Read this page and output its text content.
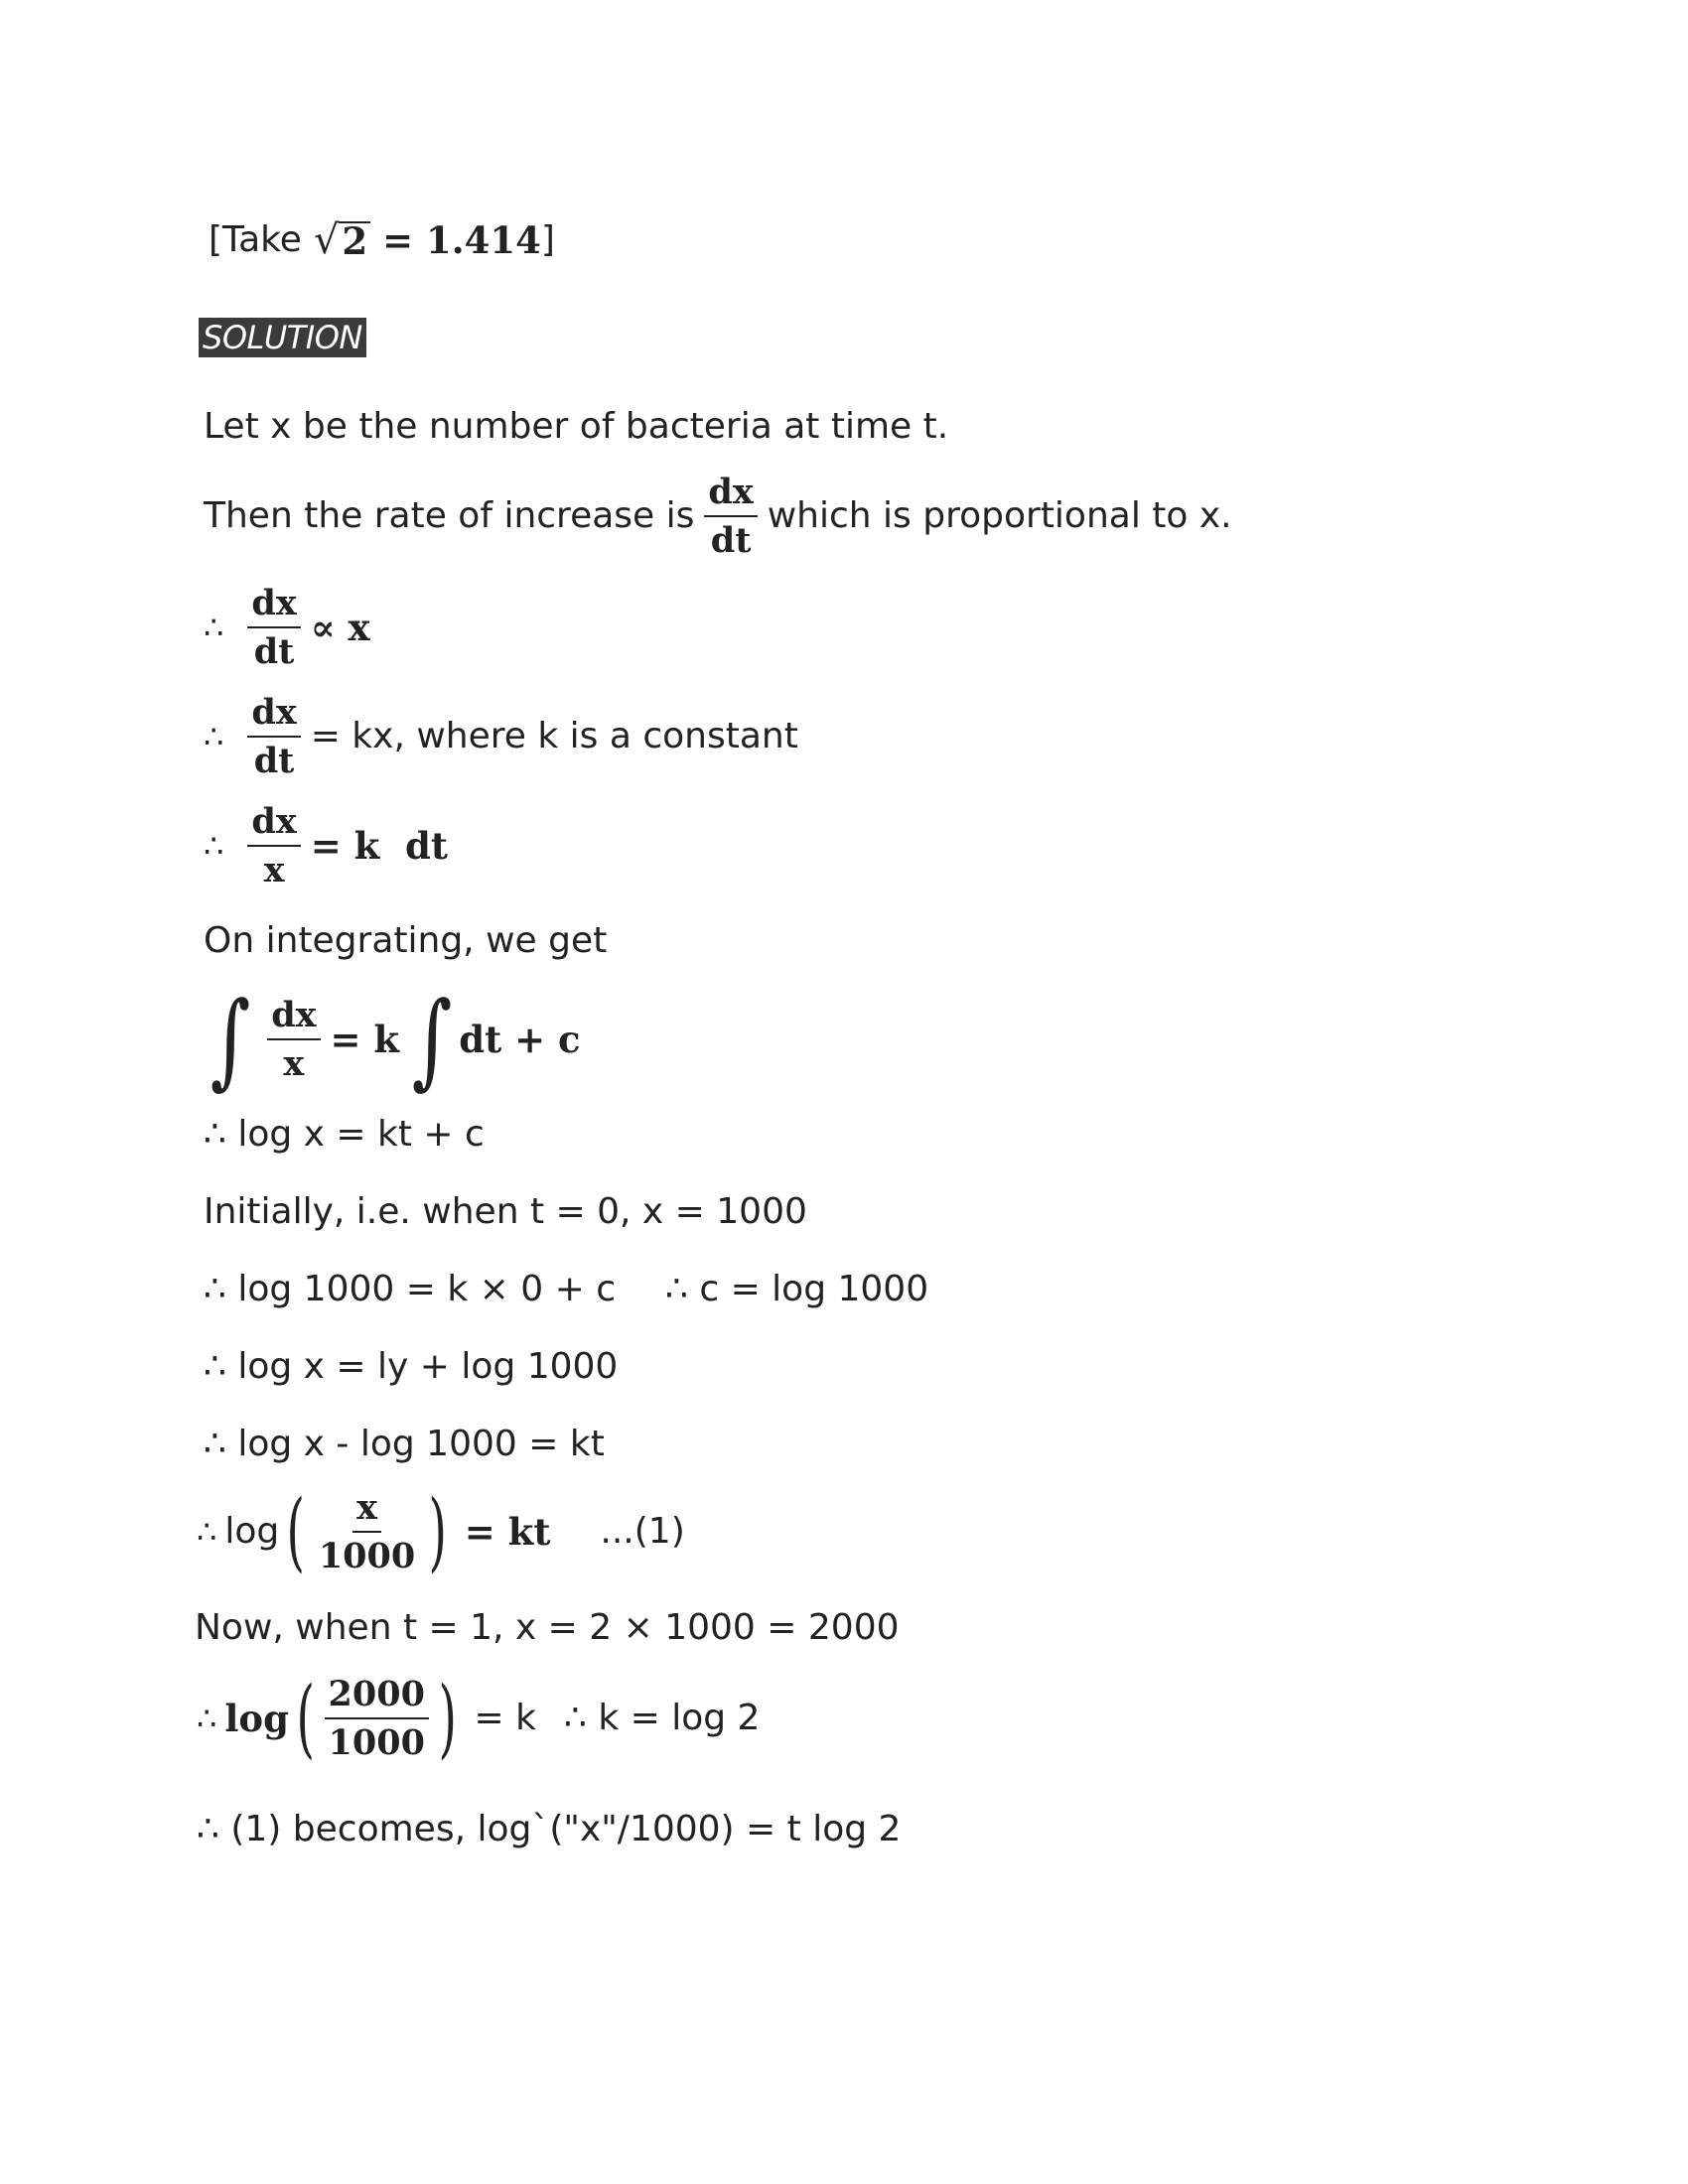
[Take √ 2 = 1.414 ]
SOLUTION
Let x be the number of bacteria at time t.
Then the rate of increase is $\frac{dx}{dt}$ which is proportional to x.
∴ $\frac{dx}{dt} \propto x$
∴ $\frac{dx}{dt}$ = kx, where k is a constant
∴ $\frac{dx}{x} = k$  dt
On integrating, we get
∫ $\frac{dx}{x} = k$ ∫ dt + c
∴ log x = kt + c
Initially, i.e. when t = 0, x = 1000
∴ log 1000 = k × 0 + c ∴ c = log 1000
∴ log x = ly + log 1000
∴ log x - log 1000 = kt
∴ log ( $\frac{x}{1000}$ ) = kt ...(1)
Now, when t = 1, x = 2 × 1000 = 2000
∴ log ( $\frac{2000}{1000}$ ) = k ∴ k = log 2
∴ (1) becomes, log`("x"/1000) = t log 2
